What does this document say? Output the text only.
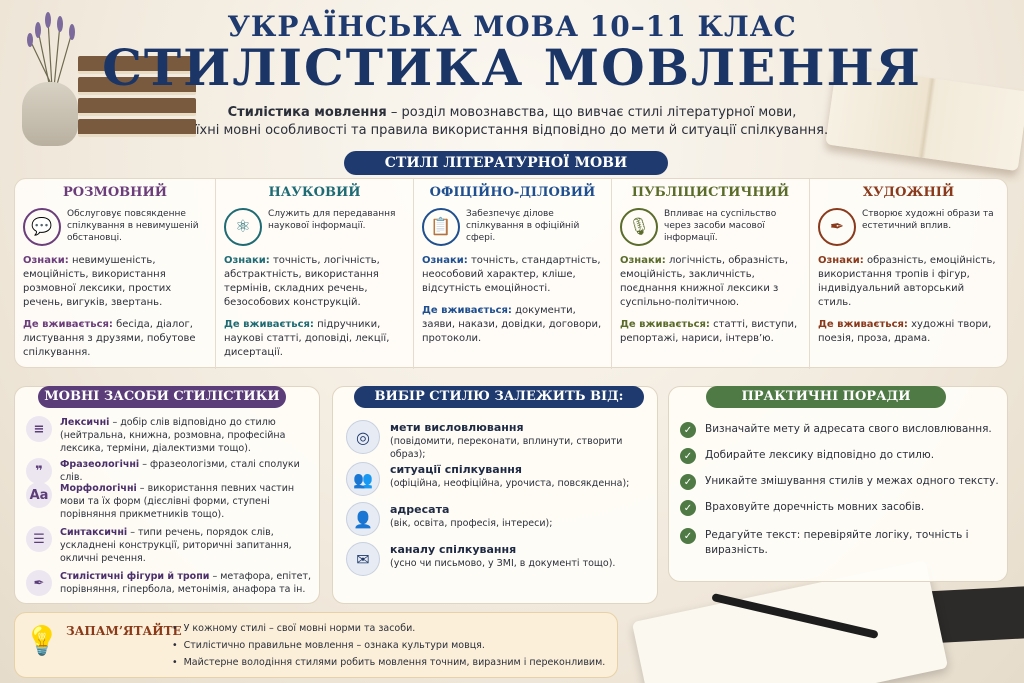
УКРАЇНСЬКА МОВА 10–11 КЛАС
СТИЛІСТИКА МОВЛЕННЯ
Стилістика мовлення – розділ мовознавства, що вивчає стилі літературної мови,
їхні мовні особливості та правила використання відповідно до мети й ситуації спілкування.
РОЗМОВНИЙ
💬
Обслуговує повсякденне спілкування в невимушеній обстановці.
Ознаки: невимушеність, емоційність, використання розмовної лексики, простих речень, вигуків, звертань.
Де вживається: бесіда, діалог, листування з друзями, побутове спілкування.
НАУКОВИЙ
⚛
Служить для передавання наукової інформації.
Ознаки: точність, логічність, абстрактність, використання термінів, складних речень, безособових конструкцій.
Де вживається: підручники, наукові статті, доповіді, лекції, дисертації.
ОФІЦІЙНО-ДІЛОВИЙ
📋
Забезпечує ділове спілкування в офіційній сфері.
Ознаки: точність, стандартність, неособовий характер, кліше, відсутність емоційності.
Де вживається: документи, заяви, накази, довідки, договори, протоколи.
ПУБЛІЦИСТИЧНИЙ
🎙
Впливає на суспільство через засоби масової інформації.
Ознаки: логічність, образність, емоційність, закличність, поєднання книжної лексики з суспільно-політичною.
Де вживається: статті, виступи, репортажі, нариси, інтерв’ю.
ХУДОЖНІЙ
✒
Створює художні образи та естетичний вплив.
Ознаки: образність, емоційність, використання тропів і фігур, індивідуальний авторський стиль.
Де вживається: художні твори, поезія, проза, драма.
СТИЛІ ЛІТЕРАТУРНОЇ МОВИ
МОВНІ ЗАСОБИ СТИЛІСТИКИ
≡	Лексичні – добір слів відповідно до стилю (нейтральна, книжна, розмовна, професійна лексика, терміни, діалектизми тощо).
❞	Фразеологічні – фразеологізми, сталі сполуки слів.
Aa	Морфологічні – використання певних частин мови та їх форм (дієслівні форми, ступені порівняння прикметників тощо).
☰	Синтаксичні – типи речень, порядок слів, ускладнені конструкції, риторичні запитання, окличні речення.
✒	Стилістичні фігури й тропи – метафора, епітет, порівняння, гіпербола, метонімія, анафора та ін.
ВИБІР СТИЛЮ ЗАЛЕЖИТЬ ВІД:
◎	мети висловлювання
(повідомити, переконати, вплинути, створити образ);
👥	ситуації спілкування
(офіційна, неофіційна, урочиста, повсякденна);
👤	адресата
(вік, освіта, професія, інтереси);
✉	каналу спілкування
(усно чи письмово, у ЗМІ, в документі тощо).
ПРАКТИЧНІ ПОРАДИ
✓	Визначайте мету й адресата свого висловлювання.
✓	Добирайте лексику відповідно до стилю.
✓	Уникайте змішування стилів у межах одного тексту.
✓	Враховуйте доречність мовних засобів.
✓	Редагуйте текст: перевіряйте логіку, точність і виразність.
💡 ЗАПАМ’ЯТАЙТЕ
• У кожному стилі – свої мовні норми та засоби.
• Стилістично правильне мовлення – ознака культури мовця.
• Майстерне володіння стилями робить мовлення точним, виразним і переконливим.
